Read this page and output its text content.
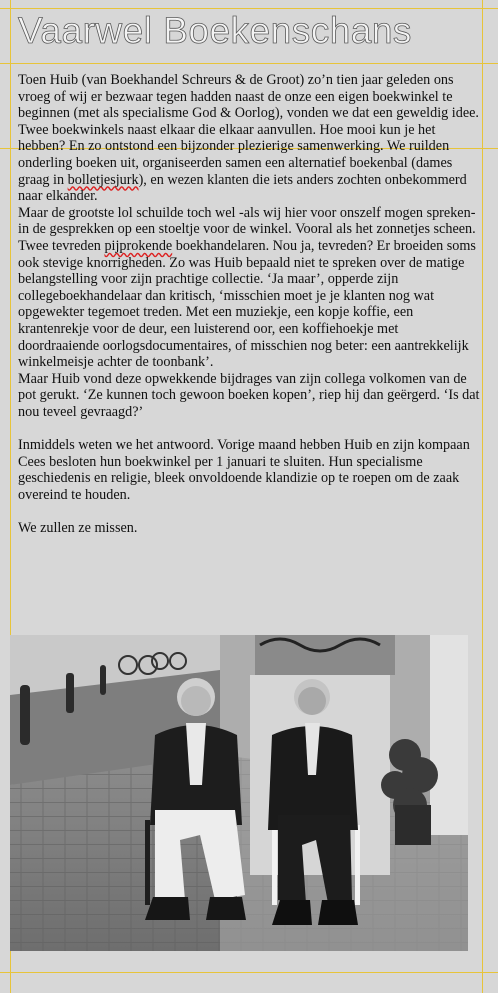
Vaarwel Boekenschans

Toen Huib (van Boekhandel Schreurs & de Groot) zo’n tien jaar geleden ons vroeg of wij er bezwaar tegen hadden naast de onze een eigen boekwinkel te beginnen (met als specialisme God & Oorlog), vonden we dat een geweldig idee. Twee boekwinkels naast elkaar die elkaar aanvullen. Hoe mooi kun je het hebben? En zo ontstond een bijzonder plezierige samenwerking. We ruilden onderling boeken uit, organiseerden samen een alternatief boekenbal (dames graag in bolletjesjurk), en wezen klanten die iets anders zochten onbekommerd naar elkander.

Maar de grootste lol schuilde toch wel -als wij hier voor onszelf mogen spreken- in de gesprekken op een stoeltje voor de winkel. Vooral als het zonnetjes scheen. Twee tevreden pijprokende boekhandelaren. Nou ja, tevreden? Er broeiden soms ook stevige knorrigheden. Zo was Huib bepaald niet te spreken over de matige belangstelling voor zijn prachtige collectie. ‘Ja maar’, opperde zijn collegeboekhandelaar dan kritisch, ‘misschien moet je je klanten nog wat opgewekter tegemoet treden. Met een muziekje, een kopje koffie, een krantenrekje voor de deur, een luisterend oor, een koffiehoekje met doordraaiende oorlogsdocumentaires, of misschien nog beter: een aantrekkelijk winkelmeisje achter de toonbank’.

Maar Huib vond deze opwekkende bijdrages van zijn collega volkomen van de pot gerukt. ‘Ze kunnen toch gewoon boeken kopen’, riep hij dan geërgerd. ‘Is dat nou teveel gevraagd?’

Inmiddels weten we het antwoord. Vorige maand hebben Huib en zijn kompaan Cees besloten hun boekwinkel per 1 januari te sluiten. Hun specialisme geschiedenis en religie, bleek onvoldoende klandizie op te roepen om de zaak overeind te houden.

We zullen ze missen.
